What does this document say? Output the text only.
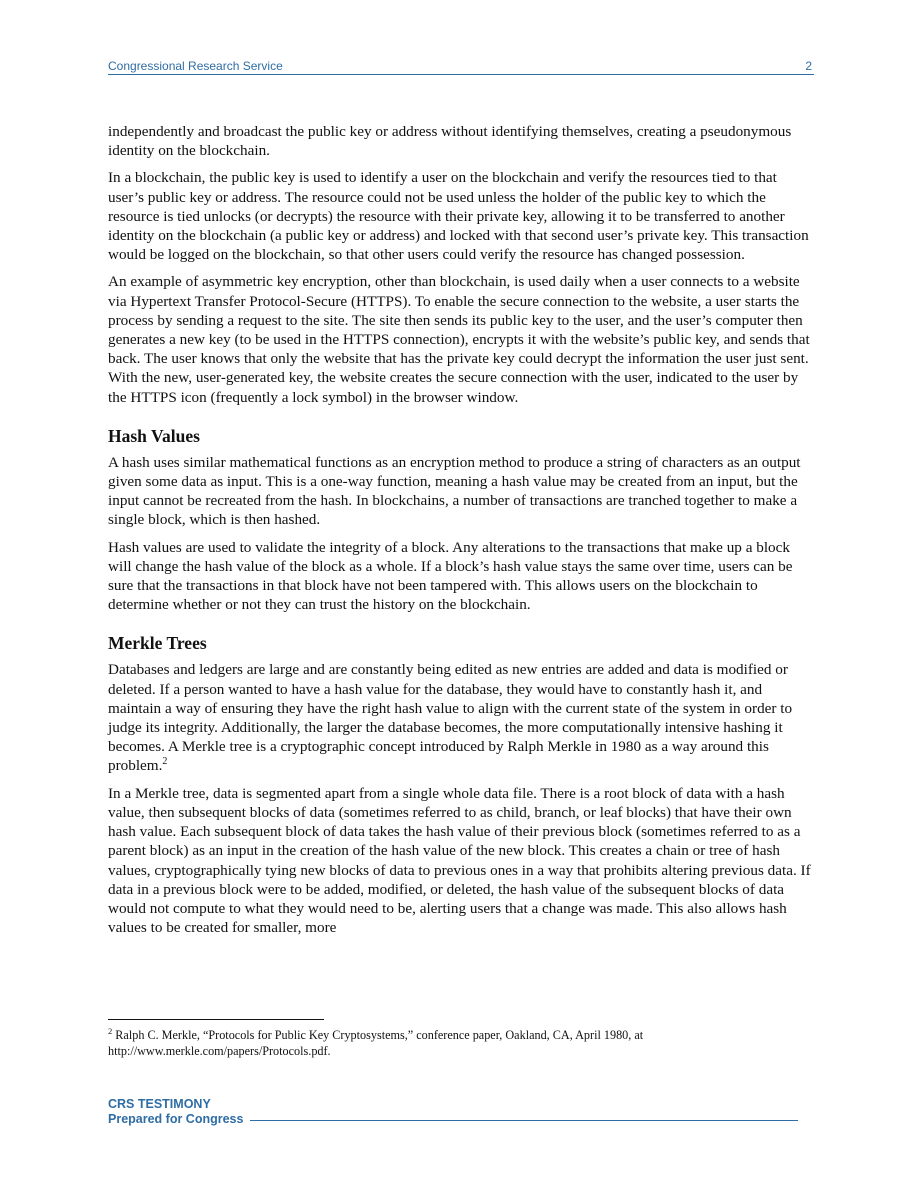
Congressional Research Service	2

independently and broadcast the public key or address without identifying themselves, creating a pseudonymous identity on the blockchain.

In a blockchain, the public key is used to identify a user on the blockchain and verify the resources tied to that user’s public key or address. The resource could not be used unless the holder of the public key to which the resource is tied unlocks (or decrypts) the resource with their private key, allowing it to be transferred to another identity on the blockchain (a public key or address) and locked with that second user’s private key. This transaction would be logged on the blockchain, so that other users could verify the resource has changed possession.

An example of asymmetric key encryption, other than blockchain, is used daily when a user connects to a website via Hypertext Transfer Protocol-Secure (HTTPS). To enable the secure connection to the website, a user starts the process by sending a request to the site. The site then sends its public key to the user, and the user’s computer then generates a new key (to be used in the HTTPS connection), encrypts it with the website’s public key, and sends that back. The user knows that only the website that has the private key could decrypt the information the user just sent. With the new, user-generated key, the website creates the secure connection with the user, indicated to the user by the HTTPS icon (frequently a lock symbol) in the browser window.

Hash Values

A hash uses similar mathematical functions as an encryption method to produce a string of characters as an output given some data as input. This is a one-way function, meaning a hash value may be created from an input, but the input cannot be recreated from the hash. In blockchains, a number of transactions are tranched together to make a single block, which is then hashed.

Hash values are used to validate the integrity of a block. Any alterations to the transactions that make up a block will change the hash value of the block as a whole. If a block’s hash value stays the same over time, users can be sure that the transactions in that block have not been tampered with. This allows users on the blockchain to determine whether or not they can trust the history on the blockchain.

Merkle Trees

Databases and ledgers are large and are constantly being edited as new entries are added and data is modified or deleted. If a person wanted to have a hash value for the database, they would have to constantly hash it, and maintain a way of ensuring they have the right hash value to align with the current state of the system in order to judge its integrity. Additionally, the larger the database becomes, the more computationally intensive hashing it becomes. A Merkle tree is a cryptographic concept introduced by Ralph Merkle in 1980 as a way around this problem.$^2$

In a Merkle tree, data is segmented apart from a single whole data file. There is a root block of data with a hash value, then subsequent blocks of data (sometimes referred to as child, branch, or leaf blocks) that have their own hash value. Each subsequent block of data takes the hash value of their previous block (sometimes referred to as a parent block) as an input in the creation of the hash value of the new block. This creates a chain or tree of hash values, cryptographically tying new blocks of data to previous ones in a way that prohibits altering previous data. If data in a previous block were to be added, modified, or deleted, the hash value of the subsequent blocks of data would not compute to what they would need to be, alerting users that a change was made. This also allows hash values to be created for smaller, more

$^2$ Ralph C. Merkle, “Protocols for Public Key Cryptosystems,” conference paper, Oakland, CA, April 1980, at http://www.merkle.com/papers/Protocols.pdf.

CRS TESTIMONY
Prepared for Congress
